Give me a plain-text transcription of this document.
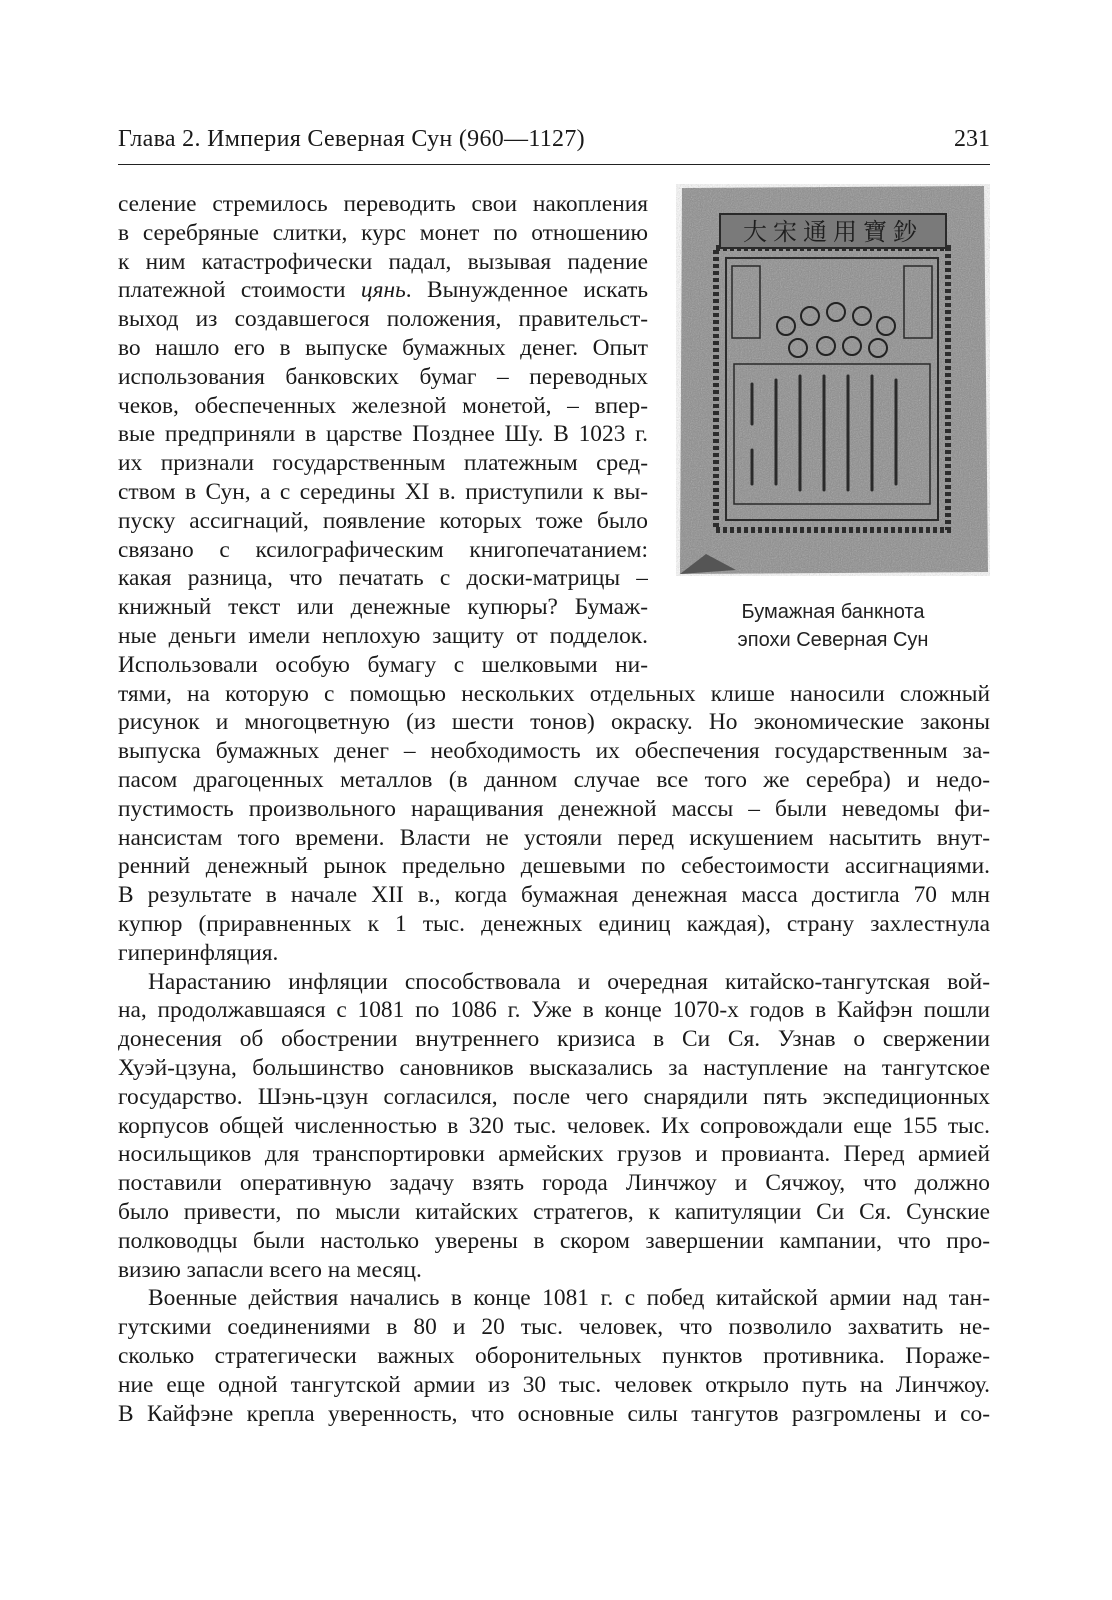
Глава 2. Империя Северная Сун (960—1127)	231
大宋通用寶鈔
Бумажная банкнота
эпохи Северная Сун
селение стремилось переводить свои накопления
в серебряные слитки, курс монет по отношению
к ним катастрофически падал, вызывая падение
платежной стоимости цянь. Вынужденное искать
выход из создавшегося положения, правительст-
во нашло его в выпуске бумажных денег. Опыт
использования банковских бумаг – переводных
чеков, обеспеченных железной монетой, – впер-
вые предприняли в царстве Позднее Шу. В 1023 г.
их признали государственным платежным сред-
ством в Сун, а с середины XI в. приступили к вы-
пуску ассигнаций, появление которых тоже было
связано с ксилографическим книгопечатанием:
какая разница, что печатать с доски-матрицы –
книжный текст или денежные купюры? Бумаж-
ные деньги имели неплохую защиту от подделок.
Использовали особую бумагу с шелковыми ни-
тями, на которую с помощью нескольких отдельных клише наносили сложный
рисунок и многоцветную (из шести тонов) окраску. Но экономические законы
выпуска бумажных денег – необходимость их обеспечения государственным за-
пасом драгоценных металлов (в данном случае все того же серебра) и недо-
пустимость произвольного наращивания денежной массы – были неведомы фи-
нансистам того времени. Власти не устояли перед искушением насытить внут-
ренний денежный рынок предельно дешевыми по себестоимости ассигнациями.
В результате в начале XII в., когда бумажная денежная масса достигла 70 млн
купюр (приравненных к 1 тыс. денежных единиц каждая), страну захлестнула
гиперинфляция.
Нарастанию инфляции способствовала и очередная китайско-тангутская вой-
на, продолжавшаяся с 1081 по 1086 г. Уже в конце 1070-х годов в Кайфэн пошли
донесения об обострении внутреннего кризиса в Си Ся. Узнав о свержении
Хуэй-цзуна, большинство сановников высказались за наступление на тангутское
государство. Шэнь-цзун согласился, после чего снарядили пять экспедиционных
корпусов общей численностью в 320 тыс. человек. Их сопровождали еще 155 тыс.
носильщиков для транспортировки армейских грузов и провианта. Перед армией
поставили оперативную задачу взять города Линчжоу и Сячжоу, что должно
было привести, по мысли китайских стратегов, к капитуляции Си Ся. Сунские
полководцы были настолько уверены в скором завершении кампании, что про-
визию запасли всего на месяц.
Военные действия начались в конце 1081 г. с побед китайской армии над тан-
гутскими соединениями в 80 и 20 тыс. человек, что позволило захватить не-
сколько стратегически важных оборонительных пунктов противника. Пораже-
ние еще одной тангутской армии из 30 тыс. человек открыло путь на Линчжоу.
В Кайфэне крепла уверенность, что основные силы тангутов разгромлены и со-
